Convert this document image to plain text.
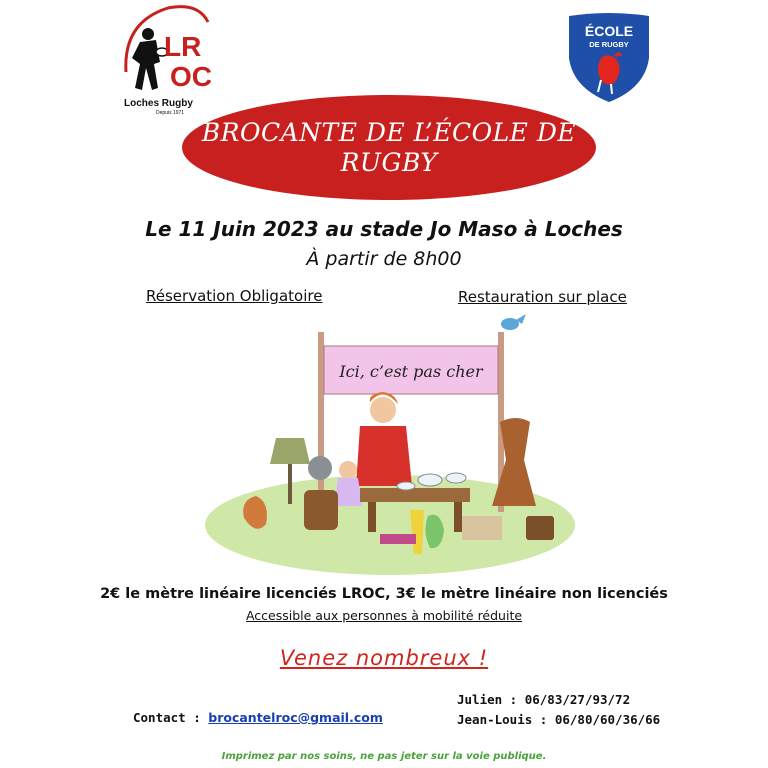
LR
OC
Loches Rugby
Depuis 1971
ÉCOLE
DE RUGBY
BROCANTE DE L’ÉCOLE DE
RUGBY
Le 11 Juin 2023 au stade Jo Maso à Loches
À partir de 8h00
Réservation Obligatoire	Restauration sur place
Ici, c’est pas cher
2€ le mètre linéaire licenciés LROC, 3€ le mètre linéaire non licenciés
Accessible aux personnes à mobilité réduite
Venez nombreux !
Contact : brocantelroc@gmail.com
Julien : 06/83/27/93/72
Jean-Louis : 06/80/60/36/66
Imprimez par nos soins, ne pas jeter sur la voie publique.
